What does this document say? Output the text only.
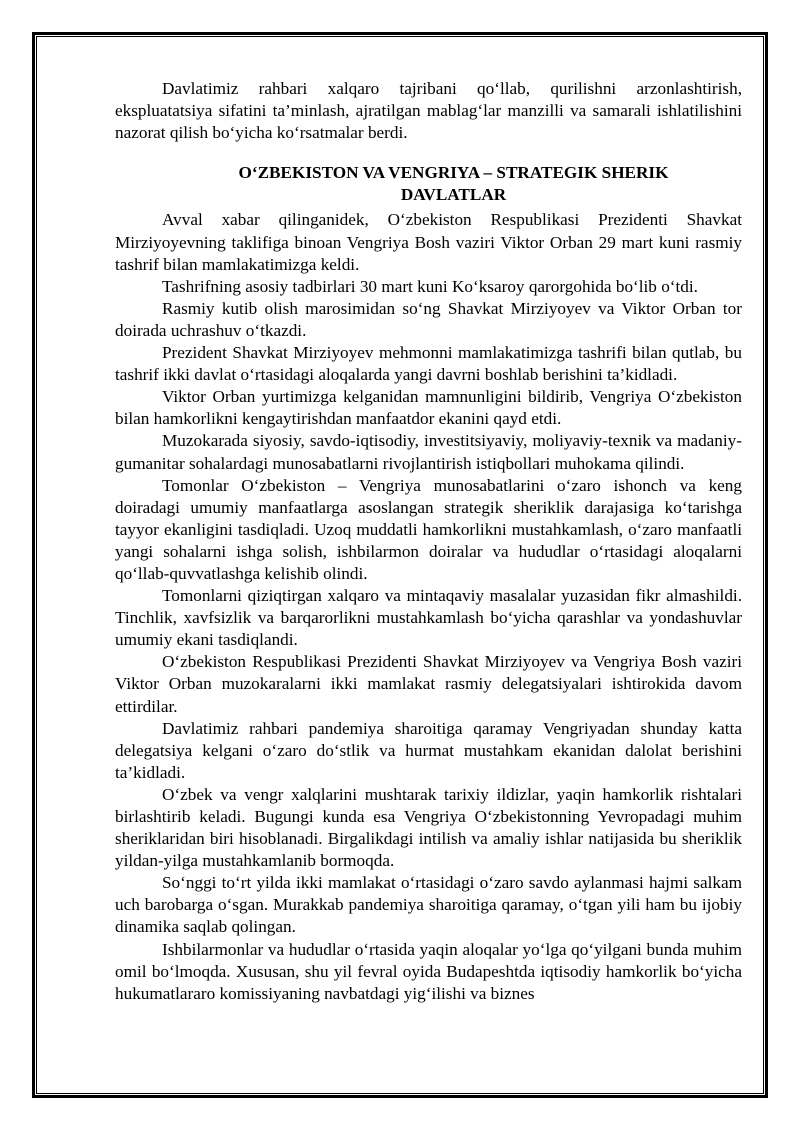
Davlatimiz rahbari xalqaro tajribani qo‘llab, qurilishni arzonlashtirish, ekspluatatsiya sifatini ta’minlash, ajratilgan mablag‘lar manzilli va samarali ishlatilishini nazorat qilish bo‘yicha ko‘rsatmalar berdi.

O‘ZBEKISTON VA VENGRIYA – STRATEGIK SHERIK DAVLATLAR

Avval xabar qilinganidek, O‘zbekiston Respublikasi Prezidenti Shavkat Mirziyoyevning taklifiga binoan Vengriya Bosh vaziri Viktor Orban 29 mart kuni rasmiy tashrif bilan mamlakatimizga keldi.

Tashrifning asosiy tadbirlari 30 mart kuni Ko‘ksaroy qarorgohida bo‘lib o‘tdi.

Rasmiy kutib olish marosimidan so‘ng Shavkat Mirziyoyev va Viktor Orban tor doirada uchrashuv o‘tkazdi.

Prezident Shavkat Mirziyoyev mehmonni mamlakatimizga tashrifi bilan qutlab, bu tashrif ikki davlat o‘rtasidagi aloqalarda yangi davrni boshlab berishini ta’kidladi.

Viktor Orban yurtimizga kelganidan mamnunligini bildirib, Vengriya O‘zbekiston bilan hamkorlikni kengaytirishdan manfaatdor ekanini qayd etdi.

Muzokarada siyosiy, savdo-iqtisodiy, investitsiyaviy, moliyaviy-texnik va madaniy-gumanitar sohalardagi munosabatlarni rivojlantirish istiqbollari muhokama qilindi.

Tomonlar O‘zbekiston – Vengriya munosabatlarini o‘zaro ishonch va keng doiradagi umumiy manfaatlarga asoslangan strategik sheriklik darajasiga ko‘tarishga tayyor ekanligini tasdiqladi. Uzoq muddatli hamkorlikni mustahkamlash, o‘zaro manfaatli yangi sohalarni ishga solish, ishbilarmon doiralar va hududlar o‘rtasidagi aloqalarni qo‘llab-quvvatlashga kelishib olindi.

Tomonlarni qiziqtirgan xalqaro va mintaqaviy masalalar yuzasidan fikr almashildi. Tinchlik, xavfsizlik va barqarorlikni mustahkamlash bo‘yicha qarashlar va yondashuvlar umumiy ekani tasdiqlandi.

O‘zbekiston Respublikasi Prezidenti Shavkat Mirziyoyev va Vengriya Bosh vaziri Viktor Orban muzokaralarni ikki mamlakat rasmiy delegatsiyalari ishtirokida davom ettirdilar.

Davlatimiz rahbari pandemiya sharoitiga qaramay Vengriyadan shunday katta delegatsiya kelgani o‘zaro do‘stlik va hurmat mustahkam ekanidan dalolat berishini ta’kidladi.

O‘zbek va vengr xalqlarini mushtarak tarixiy ildizlar, yaqin hamkorlik rishtalari birlashtirib keladi. Bugungi kunda esa Vengriya O‘zbekistonning Yevropadagi muhim sheriklaridan biri hisoblanadi. Birgalikdagi intilish va amaliy ishlar natijasida bu sheriklik yildan-yilga mustahkamlanib bormoqda.

So‘nggi to‘rt yilda ikki mamlakat o‘rtasidagi o‘zaro savdo aylanmasi hajmi salkam uch barobarga o‘sgan. Murakkab pandemiya sharoitiga qaramay, o‘tgan yili ham bu ijobiy dinamika saqlab qolingan.

Ishbilarmonlar va hududlar o‘rtasida yaqin aloqalar yo‘lga qo‘yilgani bunda muhim omil bo‘lmoqda. Xususan, shu yil fevral oyida Budapeshtda iqtisodiy hamkorlik bo‘yicha hukumatlararo komissiyaning navbatdagi yig‘ilishi va biznes
